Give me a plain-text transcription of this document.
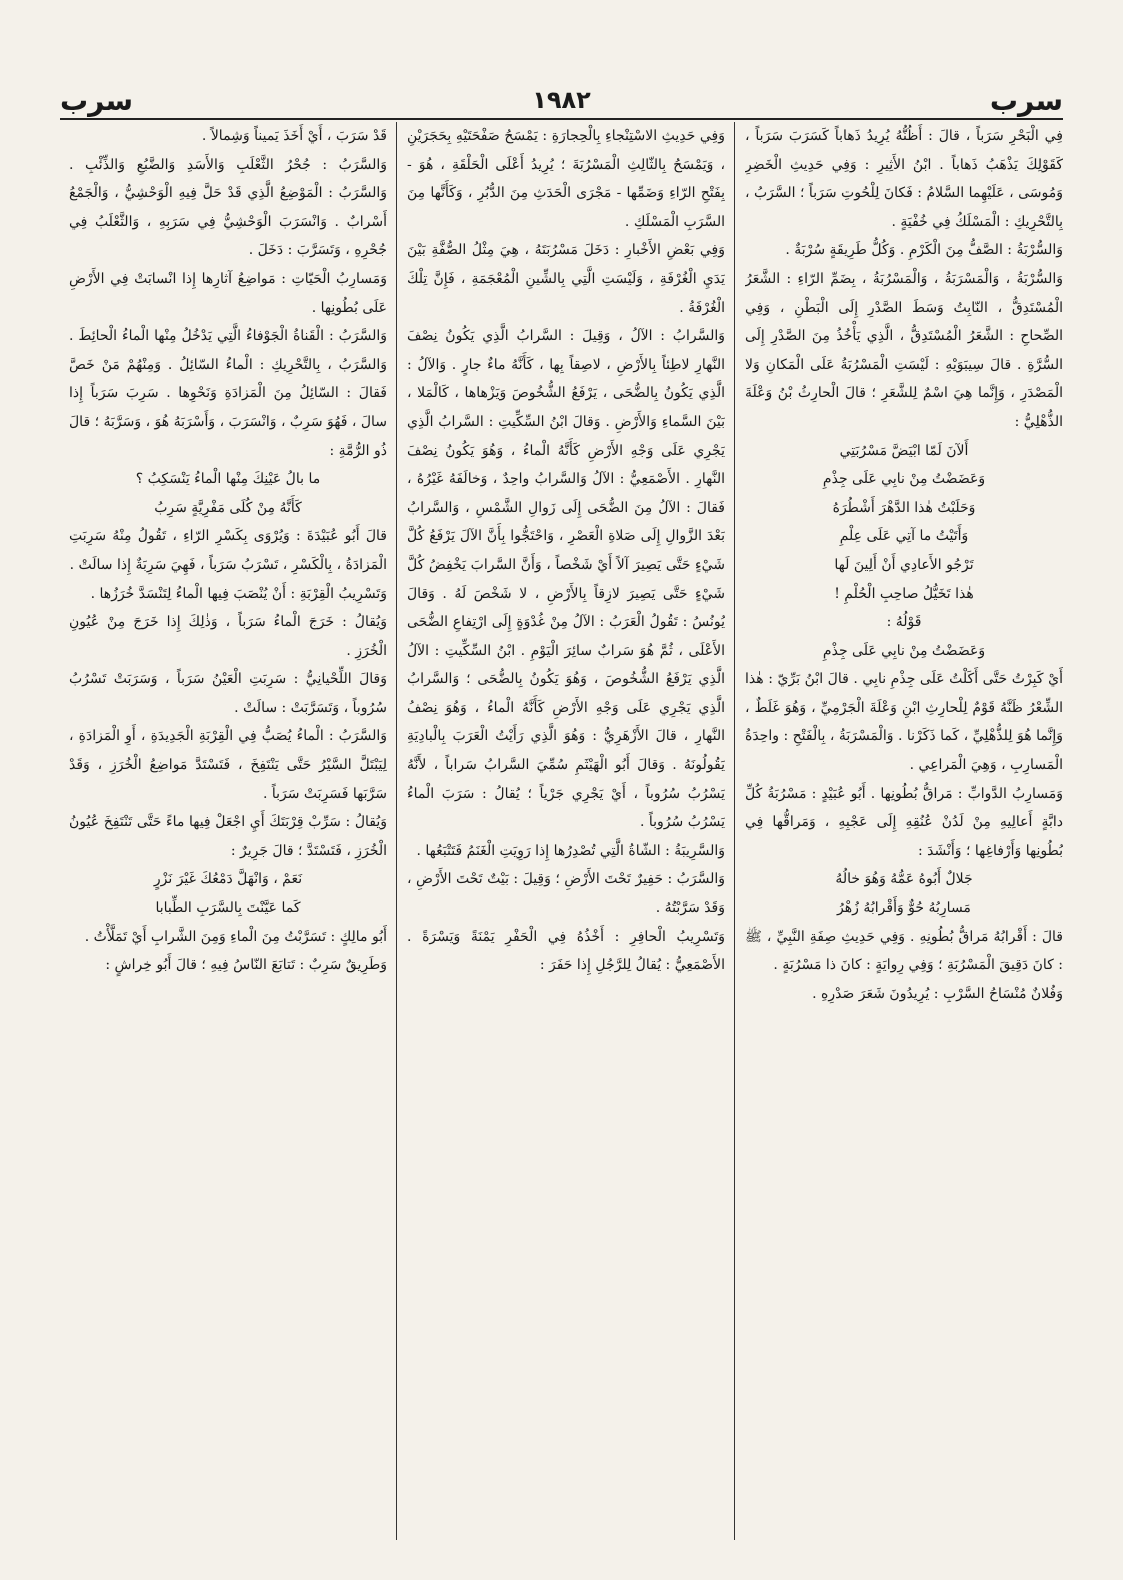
سرب
١٩٨٢
سرب

فِي الْبَحْرِ سَرَباً ، قالَ : أَظُنُّهُ يُرِيدُ ذَهاباً كَسَرَبَ سَرَباً ، كَقَوْلِكَ يَذْهَبُ ذَهاباً . ابْنُ الأَثِيرِ : وَفِي حَدِيثِ الْخَضِرِ وَمُوسَى ، عَلَيْهِما السَّلامُ : فَكانَ لِلْحُوتِ سَرَباً ؛ السَّرَبُ ، بِالتَّحْرِيكِ : الْمَسْلَكُ فِي خُفْيَةٍ .

وَالسُّرْبَةُ : الصَّفُّ مِنَ الْكَرْمِ . وَكُلُّ طَرِيقَةٍ سُرْبَةٌ .

وَالسُّرْبَةُ ، وَالْمَسْرَبَةُ ، وَالْمَسْرُبَةُ ، بِضَمِّ الرّاءِ : الشَّعَرُ الْمُسْتَدِقُّ ، النّابِتُ وَسَطَ الصَّدْرِ إِلَى الْبَطْنِ ، وَفِي الصِّحاحِ : الشَّعَرُ الْمُسْتَدِقُّ ، الَّذِي يَأْخُذُ مِنَ الصَّدْرِ إِلَى السُّرَّةِ . قالَ سِيبَوَيْهِ : لَيْسَتِ الْمَسْرُبَةُ عَلَى الْمَكانِ وَلا الْمَصْدَرِ ، وَإِنَّما هِيَ اسْمٌ لِلشَّعَرِ ؛ قالَ الْحارِثُ بْنُ وَعْلَةَ الذُّهْلِيُّ :

أَلآنَ لَمّا ابْيَضَّ مَسْرُبَتِي

وَعَضَضْتُ مِنْ نابِي عَلَى جِذْمِ

وَحَلَبْتُ هٰذا الدَّهْرَ أَشْطُرَهُ

وَأَتَيْتُ ما آتِي عَلَى عِلْمِ

تَرْجُو الأَعادِي أَنْ أَلِينَ لَها

هٰذا تَخَيُّلُ صاحِبِ الْحُلْمِ !

قَوْلُهُ :

وَعَضَضْتُ مِنْ نابِي عَلَى جِذْمِ

أَيْ كَبِرْتُ حَتَّى أَكَلْتُ عَلَى جِذْمِ نابِي . قالَ ابْنُ بَرِّيّ : هٰذا الشِّعْرُ ظَنَّهُ قَوْمٌ لِلْحارِثِ ابْنِ وَعْلَةَ الْجَرْمِيِّ ، وَهُوَ غَلَطٌ ، وَإِنَّما هُوَ لِلذُّهْلِيِّ ، كَما ذَكَرْنا . وَالْمَسْرَبَةُ ، بِالْفَتْحِ : واحِدَةُ الْمَسارِبِ ، وَهِيَ الْمَراعِي .

وَمَسارِبُ الدَّوابِّ : مَراقُّ بُطُونِها . أَبُو عُبَيْدٍ : مَسْرُبَةُ كُلِّ دابَّةٍ أَعالِيهِ مِنْ لَدُنْ عُنُقِهِ إِلَى عَجْبِهِ ، وَمَراقُّها فِي بُطُونِها وَأَرْفاغِها ؛ وَأَنْشَدَ :

جَلالٌ أَبُوهُ عَمُّهُ وَهُوَ خالُهُ

مَسارِبُهُ حُوٌّ وَأَقْرابُهُ زُهْرُ

قالَ : أَقْرابُهُ مَراقُّ بُطُونِهِ . وَفِي حَدِيثِ صِفَةِ النَّبِيِّ ، ﷺ : كانَ دَقِيقَ الْمَسْرُبَةِ ؛ وَفِي رِوايَةٍ : كانَ ذا مَسْرُبَةٍ .

وَفُلانٌ مُنْسَاحُ السَّرْبِ : يُرِيدُونَ شَعَرَ صَدْرِهِ .

وَفِي حَدِيثِ الاسْتِنْجاءِ بِالْحِجارَةِ : يَمْسَحُ صَفْحَتَيْهِ بِحَجَرَيْنِ ، وَيَمْسَحُ بِالثّالِثِ الْمَسْرُبَةَ ؛ يُرِيدُ أَعْلَى الْحَلْقَةِ ، هُوَ - بِفَتْحِ الرّاءِ وَضَمِّها - مَجْرَى الْحَدَثِ مِنَ الدُّبُرِ ، وَكَأَنَّها مِنَ السَّرَبِ الْمَسْلَكِ .

وَفِي بَعْضِ الأَخْبارِ : دَخَلَ مَسْرُبَتَهُ ، هِيَ مِثْلُ الصُّفَّةِ بَيْنَ يَدَيِ الْغُرْفَةِ ، وَلَيْسَتِ الَّتِي بِالشِّينِ الْمُعْجَمَةِ ، فَإِنَّ تِلْكَ الْغُرْفَةُ .

وَالسَّرابُ : الآلُ ، وَقِيلَ : السَّرابُ الَّذِي يَكُونُ نِصْفَ النَّهارِ لاطِئاً بِالأَرْضِ ، لاصِقاً بِها ، كَأَنَّهُ ماءٌ جارٍ . وَالآلُ : الَّذِي يَكُونُ بِالضُّحَى ، يَرْفَعُ الشُّخُوصَ وَيَزْهاها ، كَالْمَلا ، بَيْنَ السَّماءِ وَالأَرْضِ . وَقالَ ابْنُ السِّكِّيتِ : السَّرابُ الَّذِي يَجْرِي عَلَى وَجْهِ الأَرْضِ كَأَنَّهُ الْماءُ ، وَهُوَ يَكُونُ نِصْفَ النَّهارِ . الأَصْمَعِيُّ : الآلُ وَالسَّرابُ واحِدٌ ، وَخالَفَهُ غَيْرُهُ ، فَقالَ : الآلُ مِنَ الضُّحَى إِلَى زَوالِ الشَّمْسِ ، وَالسَّرابُ بَعْدَ الزَّوالِ إِلَى صَلاةِ الْعَصْرِ ، وَاحْتَجُّوا بِأَنَّ الآلَ يَرْفَعُ كُلَّ شَيْءٍ حَتَّى يَصِيرَ آلاً أَيْ شَخْصاً ، وَأَنَّ السَّرابَ يَخْفِضُ كُلَّ شَيْءٍ حَتَّى يَصِيرَ لازِقاً بِالأَرْضِ ، لا شَخْصَ لَهُ . وَقالَ يُونُسُ : تَقُولُ الْعَرَبُ : الآلُ مِنْ غُدْوَةٍ إِلَى ارْتِفاعِ الضُّحَى الأَعْلَى ، ثُمَّ هُوَ سَرابٌ سائِرَ الْيَوْمِ . ابْنُ السِّكِّيتِ : الآلُ الَّذِي يَرْفَعُ الشُّخُوصَ ، وَهُوَ يَكُونُ بِالضُّحَى ؛ وَالسَّرابُ الَّذِي يَجْرِي عَلَى وَجْهِ الأَرْضِ كَأَنَّهُ الْماءُ ، وَهُوَ نِصْفُ النَّهارِ ، قالَ الأَزْهَرِيُّ : وَهُوَ الَّذِي رَأَيْتُ الْعَرَبَ بِالْبادِيَةِ يَقُولُونَهُ . وَقالَ أَبُو الْهَيْثَمِ سُمِّيَ السَّرابُ سَراباً ، لأَنَّهُ يَسْرُبُ سُرُوباً ، أَيْ يَجْرِي جَرْياً ؛ يُقالُ : سَرَبَ الْماءُ يَسْرُبُ سُرُوباً .

وَالسَّرِيبَةُ : الشّاةُ الَّتِي تُصْدِرُها إِذا رَوِيَتِ الْغَنَمُ فَتَتْبَعُها .

وَالسَّرَبُ : حَفِيرٌ تَحْتَ الأَرْضِ ؛ وَقِيلَ : بَيْتٌ تَحْتَ الأَرْضِ ، وَقَدْ سَرَّبْتُهُ .

وَتَسْرِيبُ الْحافِرِ : أَخْذُهُ فِي الْحَفْرِ يَمْنَةً وَيَسْرَةً . الأَصْمَعِيُّ : يُقالُ لِلرَّجُلِ إِذا حَفَرَ :

قَدْ سَرَبَ ، أَيْ أَخَذَ يَميناً وَشِمالاً .

وَالسَّرَبُ : جُحْرُ الثَّعْلَبِ وَالأَسَدِ وَالضَّبُعِ وَالذِّئْبِ . وَالسَّرَبُ : الْمَوْضِعُ الَّذِي قَدْ حَلَّ فِيهِ الْوَحْشِيُّ ، وَالْجَمْعُ أَسْرابٌ . وَانْسَرَبَ الْوَحْشِيُّ فِي سَرَبِهِ ، وَالثَّعْلَبُ فِي جُحْرِهِ ، وَتَسَرَّبَ : دَخَلَ .

وَمَسارِبُ الْحَيّاتِ : مَواضِعُ آثارِها إِذا انْسابَتْ فِي الأَرْضِ عَلَى بُطُونِها .

وَالسَّرَبُ : الْقَناةُ الْجَوْفاءُ الَّتِي يَدْخُلُ مِنْها الْماءُ الْحائِطَ . وَالسَّرَبُ ، بِالتَّحْرِيكِ : الْماءُ السّائِلُ . وَمِنْهُمْ مَنْ خَصَّ فَقالَ : السّائِلُ مِنَ الْمَزادَةِ وَنَحْوِها . سَرِبَ سَرَباً إِذا سالَ ، فَهُوَ سَرِبٌ ، وَانْسَرَبَ ، وَأَسْرَبَهُ هُوَ ، وَسَرَّبَهُ ؛ قالَ ذُو الرُّمَّةِ :

ما بالُ عَيْنِكَ مِنْها الْماءُ يَنْسَكِبُ ؟

كَأَنَّهُ مِنْ كُلَى مَفْرِيَّةٍ سَرِبُ

قالَ أَبُو عُبَيْدَةَ : وَيُرْوَى بِكَسْرِ الرّاءِ ، تَقُولُ مِنْهُ سَرِبَتِ الْمَزادَةُ ، بِالْكَسْرِ ، تَسْرَبُ سَرَباً ، فَهِيَ سَرِبَةٌ إِذا سالَتْ .

وَتَسْرِيبُ الْقِرْبَةِ : أَنْ يُنْصَبَ فِيها الْماءُ لِتَنْسَدَّ خُرَزُها .

وَيُقالُ : خَرَجَ الْماءُ سَرَباً ، وَذٰلِكَ إِذا خَرَجَ مِنْ عُيُونِ الْخُرَزِ .

وَقالَ اللِّحْيانِيُّ : سَرِبَتِ الْعَيْنُ سَرَباً ، وَسَرَبَتْ تَسْرُبُ سُرُوباً ، وَتَسَرَّبَتْ : سالَتْ .

وَالسَّرَبُ : الْماءُ يُصَبُّ فِي الْقِرْبَةِ الْجَدِيدَةِ ، أَوِ الْمَزادَةِ ، لِيَبْتَلَّ السَّيْرُ حَتَّى يَنْتَفِخَ ، فَتَسْتَدَّ مَواضِعُ الْخُرَزِ ، وَقَدْ سَرَّبَها فَسَرِبَتْ سَرَباً .

وَيُقالُ : سَرِّبْ قِرْبَتَكَ أَيِ اجْعَلْ فِيها ماءً حَتَّى تَنْتَفِخَ عُيُونُ الْخُرَزِ ، فَتَسْتَدَّ ؛ قالَ جَرِيرٌ :

نَعَمْ ، وَانْهَلَّ دَمْعُكَ غَيْرَ نَزْرٍ

كَما عَيَّنْتَ بِالسَّرَبِ الطِّبابا

أَبُو مالِكٍ : تَسَرَّبْتُ مِنَ الْماءِ وَمِنَ الشَّرابِ أَيْ تَمَلَّأْتُ .

وَطَرِيقٌ سَرِبٌ : تَتابَعَ النّاسُ فِيهِ ؛ قالَ أَبُو خِراشٍ :
